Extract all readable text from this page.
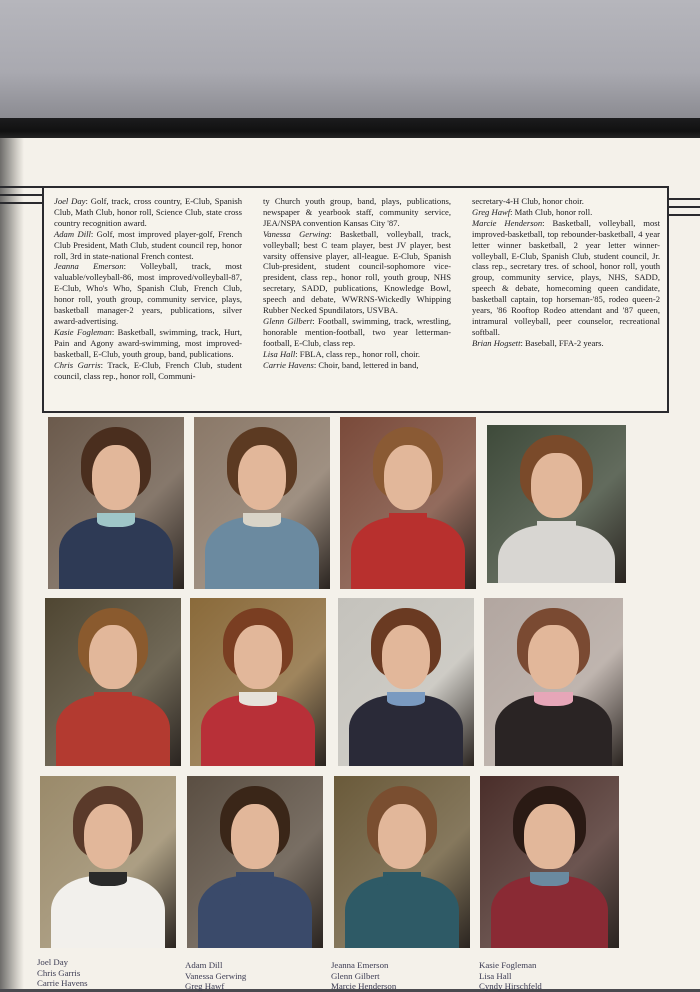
Joel Day: Golf, track, cross country, E-Club, Spanish Club, Math Club, honor roll, Science Club, state cross country recognition award.

Adam Dill: Golf, most improved player-golf, French Club President, Math Club, student council rep, honor roll, 3rd in state-national French contest.

Jeanna Emerson: Volleyball, track, most valuable/volleyball-86, most improved/volleyball-87, E-Club, Who's Who, Spanish Club, French Club, honor roll, youth group, community service, plays, basketball manager-2 years, publications, silver award-advertising.

Kasie Fogleman: Basketball, swimming, track, Hurt, Pain and Agony award-swimming, most improved-basketball, E-Club, youth group, band, publications.

Chris Garris: Track, E-Club, French Club, student council, class rep., honor roll, Communi-

ty Church youth group, band, plays, publications, newspaper & yearbook staff, community service, JEA/NSPA convention Kansas City '87.

Vanessa Gerwing: Basketball, volleyball, track, volleyball; best C team player, best JV player, best varsity offensive player, all-league. E-Club, Spanish Club-president, student council-sophomore vice-president, class rep., honor roll, youth group, NHS secretary, SADD, publications, Knowledge Bowl, speech and debate, WWRNS-Wickedly Whipping Rubber Necked Spundilators, USVBA.

Glenn Gilbert: Football, swimming, track, wrestling, honorable mention-football, two year letterman-football, E-Club, class rep.

Lisa Hall: FBLA, class rep., honor roll, choir.

Carrie Havens: Choir, band, lettered in band,

secretary-4-H Club, honor choir.

Greg Hawf: Math Club, honor roll.

Marcie Henderson: Basketball, volleyball, most improved-basketball, top rebounder-basketball, 4 year letter winner basketball, 2 year letter winner-volleyball, E-Club, Spanish Club, student council, Jr. class rep., secretary tres. of school, honor roll, youth group, community service, plays, NHS, SADD, speech & debate, homecoming queen candidate, basketball captain, top horseman-'85, rodeo queen-2 years, '86 Rooftop Rodeo attendant and '87 queen, intramural volleyball, peer counselor, recreational softball.

Brian Hogsett: Baseball, FFA-2 years.

Joel Day
Chris Garris
Carrie Havens
Adam Dill
Vanessa Gerwing
Greg Hawf
Jeanna Emerson
Glenn Gilbert
Marcie Henderson
Kasie Fogleman
Lisa Hall
Cyndy Hirschfeld
